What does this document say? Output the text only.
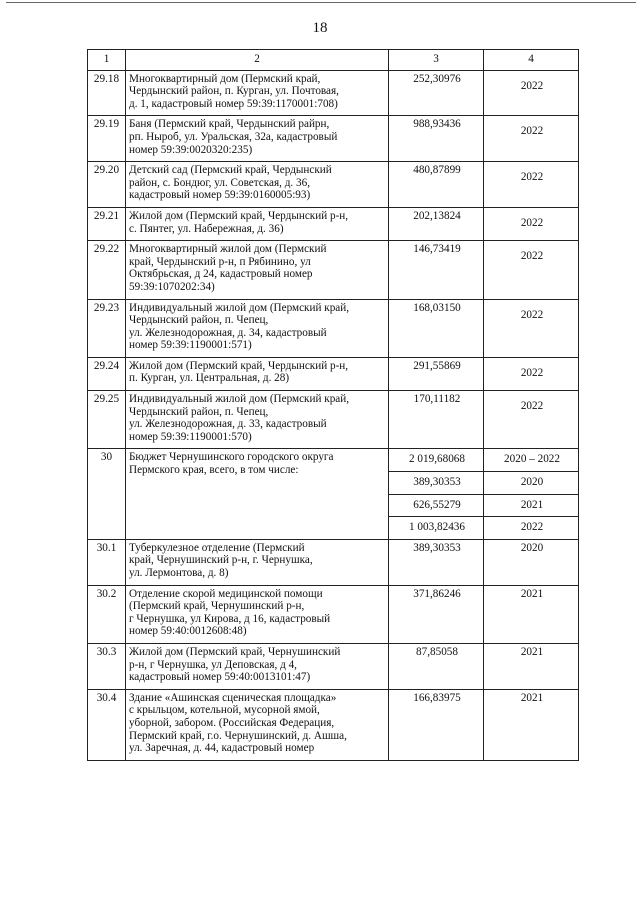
18
1	2	3	4
29.18	Многоквартирный дом (Пермский край,
Чердынский район, п. Курган, ул. Почтовая,
д. 1, кадастровый номер 59:39:1170001:708)	252,30976	2022
29.19	Баня (Пермский край, Чердынский райрн,
рп. Ныроб, ул. Уральская, 32а, кадастровый
номер 59:39:0020320:235)	988,93436	2022
29.20	Детский сад (Пермский край, Чердынский
район, с. Бондюг, ул. Советская, д. 36,
кадастровый номер 59:39:0160005:93)	480,87899	2022
29.21	Жилой дом (Пермский край, Чердынский р-н,
с. Пянтег, ул. Набережная, д. 36)	202,13824	2022
29.22	Многоквартирный жилой дом (Пермский
край, Чердынский р-н, п Рябинино, ул
Октябрьская, д 24, кадастровый номер
59:39:1070202:34)	146,73419	2022
29.23	Индивидуальный жилой дом (Пермский край,
Чердынский район, п. Чепец,
ул. Железнодорожная, д. 34, кадастровый
номер 59:39:1190001:571)	168,03150	2022
29.24	Жилой дом (Пермский край, Чердынский р-н,
п. Курган, ул. Центральная, д. 28)	291,55869	2022
29.25	Индивидуальный жилой дом (Пермский край,
Чердынский район, п. Чепец,
ул. Железнодорожная, д. 33, кадастровый
номер 59:39:1190001:570)	170,11182	2022
30	Бюджет Чернушинского городского округа
Пермского края, всего, в том числе:	2 019,68068	2020 – 2022
		389,30353	2020
		626,55279	2021
		1 003,82436	2022
30.1	Туберкулезное отделение (Пермский
край, Чернушинский р-н, г. Чернушка,
ул. Лермонтова, д. 8)	389,30353	2020
30.2	Отделение скорой медицинской помощи
(Пермский край, Чернушинский р-н,
г Чернушка, ул Кирова, д 16, кадастровый
номер 59:40:0012608:48)	371,86246	2021
30.3	Жилой дом (Пермский край, Чернушинский
р-н, г Чернушка, ул Деповская, д 4,
кадастровый номер 59:40:0013101:47)	87,85058	2021
30.4	Здание «Ашинская сценическая площадка»
с крыльцом, котельной, мусорной ямой,
уборной, забором. (Российская Федерация,
Пермский край, г.о. Чернушинский, д. Ашша,
ул. Заречная, д. 44, кадастровый номер	166,83975	2021
